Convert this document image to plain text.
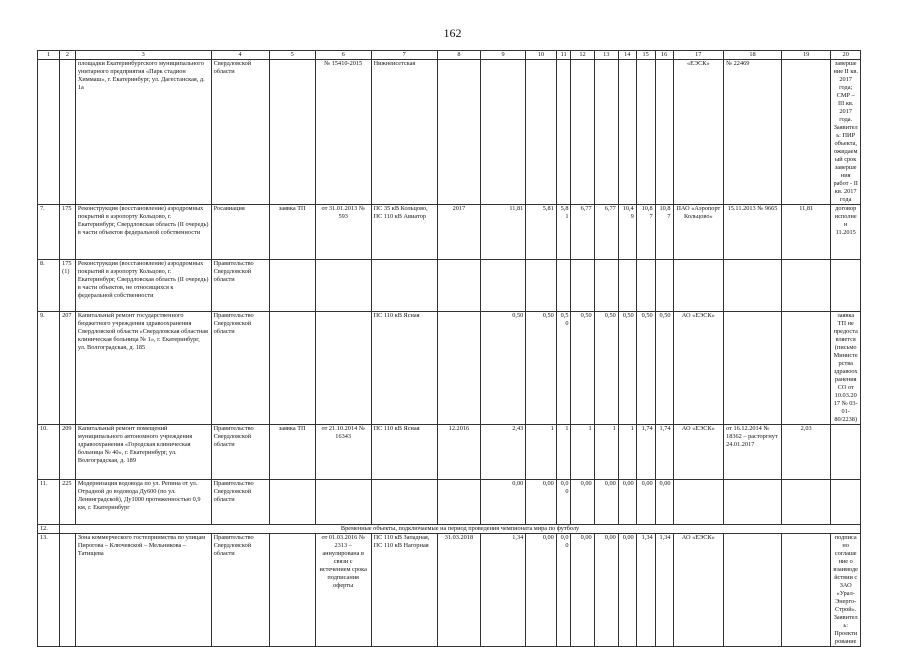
162
1	2	3	4	5	6	7	8	9	10	11	12	13	14	15	16	17	18	19	20
		площадки Екатеринбургского муниципального унитарного предприятия «Парк стадион Химмаш», г. Екатеринбург, ул. Дагестанская, д. 1а	Свердловской области		№ 15410-2015	Нижнеисетская										«ЕЭСК»	№ 22469		завершение II кв. 2017 года; СМР – III кв. 2017 года. Заявитель: ПИР объекта, ожидаемый срок завершения работ - II кв. 2017 года
7.	175	Реконструкция (восстановление) аэродромных покрытий в аэропорту Кольцово, г. Екатеринбург, Свердловская область (II очередь) в части объектов федеральной собственности	Росавиация	заявка ТП	от 31.01.2013 № 593	ПС 35 кВ Кольцово, ПС 110 кВ Авиатор	2017	11,81	5,81	5,81	6,77	6,77	10,49	10,87	10,87	ПАО «Аэропорт Кольцово»	15.11.2013 № 9665	11,81	договор исполнен 11.2015
8.	175 (1)	Реконструкция (восстановление) аэродромных покрытий в аэропорту Кольцово, г. Екатеринбург, Свердловская область (II очередь) в части объектов, не относящихся к федеральной собственности	Правительство Свердловской области																
9.	207	Капитальный ремонт государственного бюджетного учреждения здравоохранения Свердловской области «Свердловская областная клиническая больница № 1», г. Екатеринбург, ул. Волгоградская, д. 185	Правительство Свердловской области			ПС 110 кВ Ясная		0,50	0,50	0,50	0,50	0,50	0,50	0,50	0,50	АО «ЕЭСК»			заявка ТП не предоставляется (письмо Министерства здравоохранения СО от 10.03.2017 № 03-01-80/2238)
10.	209	Капитальный ремонт помещений муниципального автономного учреждения здравоохранения «Городская клиническая больница № 40», г. Екатеринбург, ул. Волгоградская, д. 189	Правительство Свердловской области	заявка ТП	от 21.10.2014 № 16343	ПС 110 кВ Ясная	12.2016	2,43	1	1	1	1	1	1,74	1,74	АО «ЕЭСК»	от 16.12.2014 № 18362 – расторгнут 24.01.2017	2,03	
11.	225	Модернизация водовода по ул. Репина от ул. Отрадной до водовода Ду600 (по ул. Ленинградской), Ду1000 протяженностью 0,9 км, г. Екатеринбург	Правительство Свердловской области					0,00	0,00	0,00	0,00	0,00	0,00	0,00	0,00				
12.	Временные объекты, подключаемые на период проведения чемпионата мира по футболу																		
13.		Зона коммерческого гостеприимства по улицам Пирогова – Ключевской – Мельникова – Татищева	Правительство Свердловской области		от 01.03.2016 № 2313 – аннулирована в связи с истечением срока подписания оферты	ПС 110 кВ Западная, ПС 110 кВ Нагорная	31.03.2018	1,34	0,00	0,00	0,00	0,00	0,00	1,34	1,34	АО «ЕЭСК»			подписано соглашение о взаимодействии с ЗАО «Урал-Энерго-Строй». Заявитель: Проектирование
